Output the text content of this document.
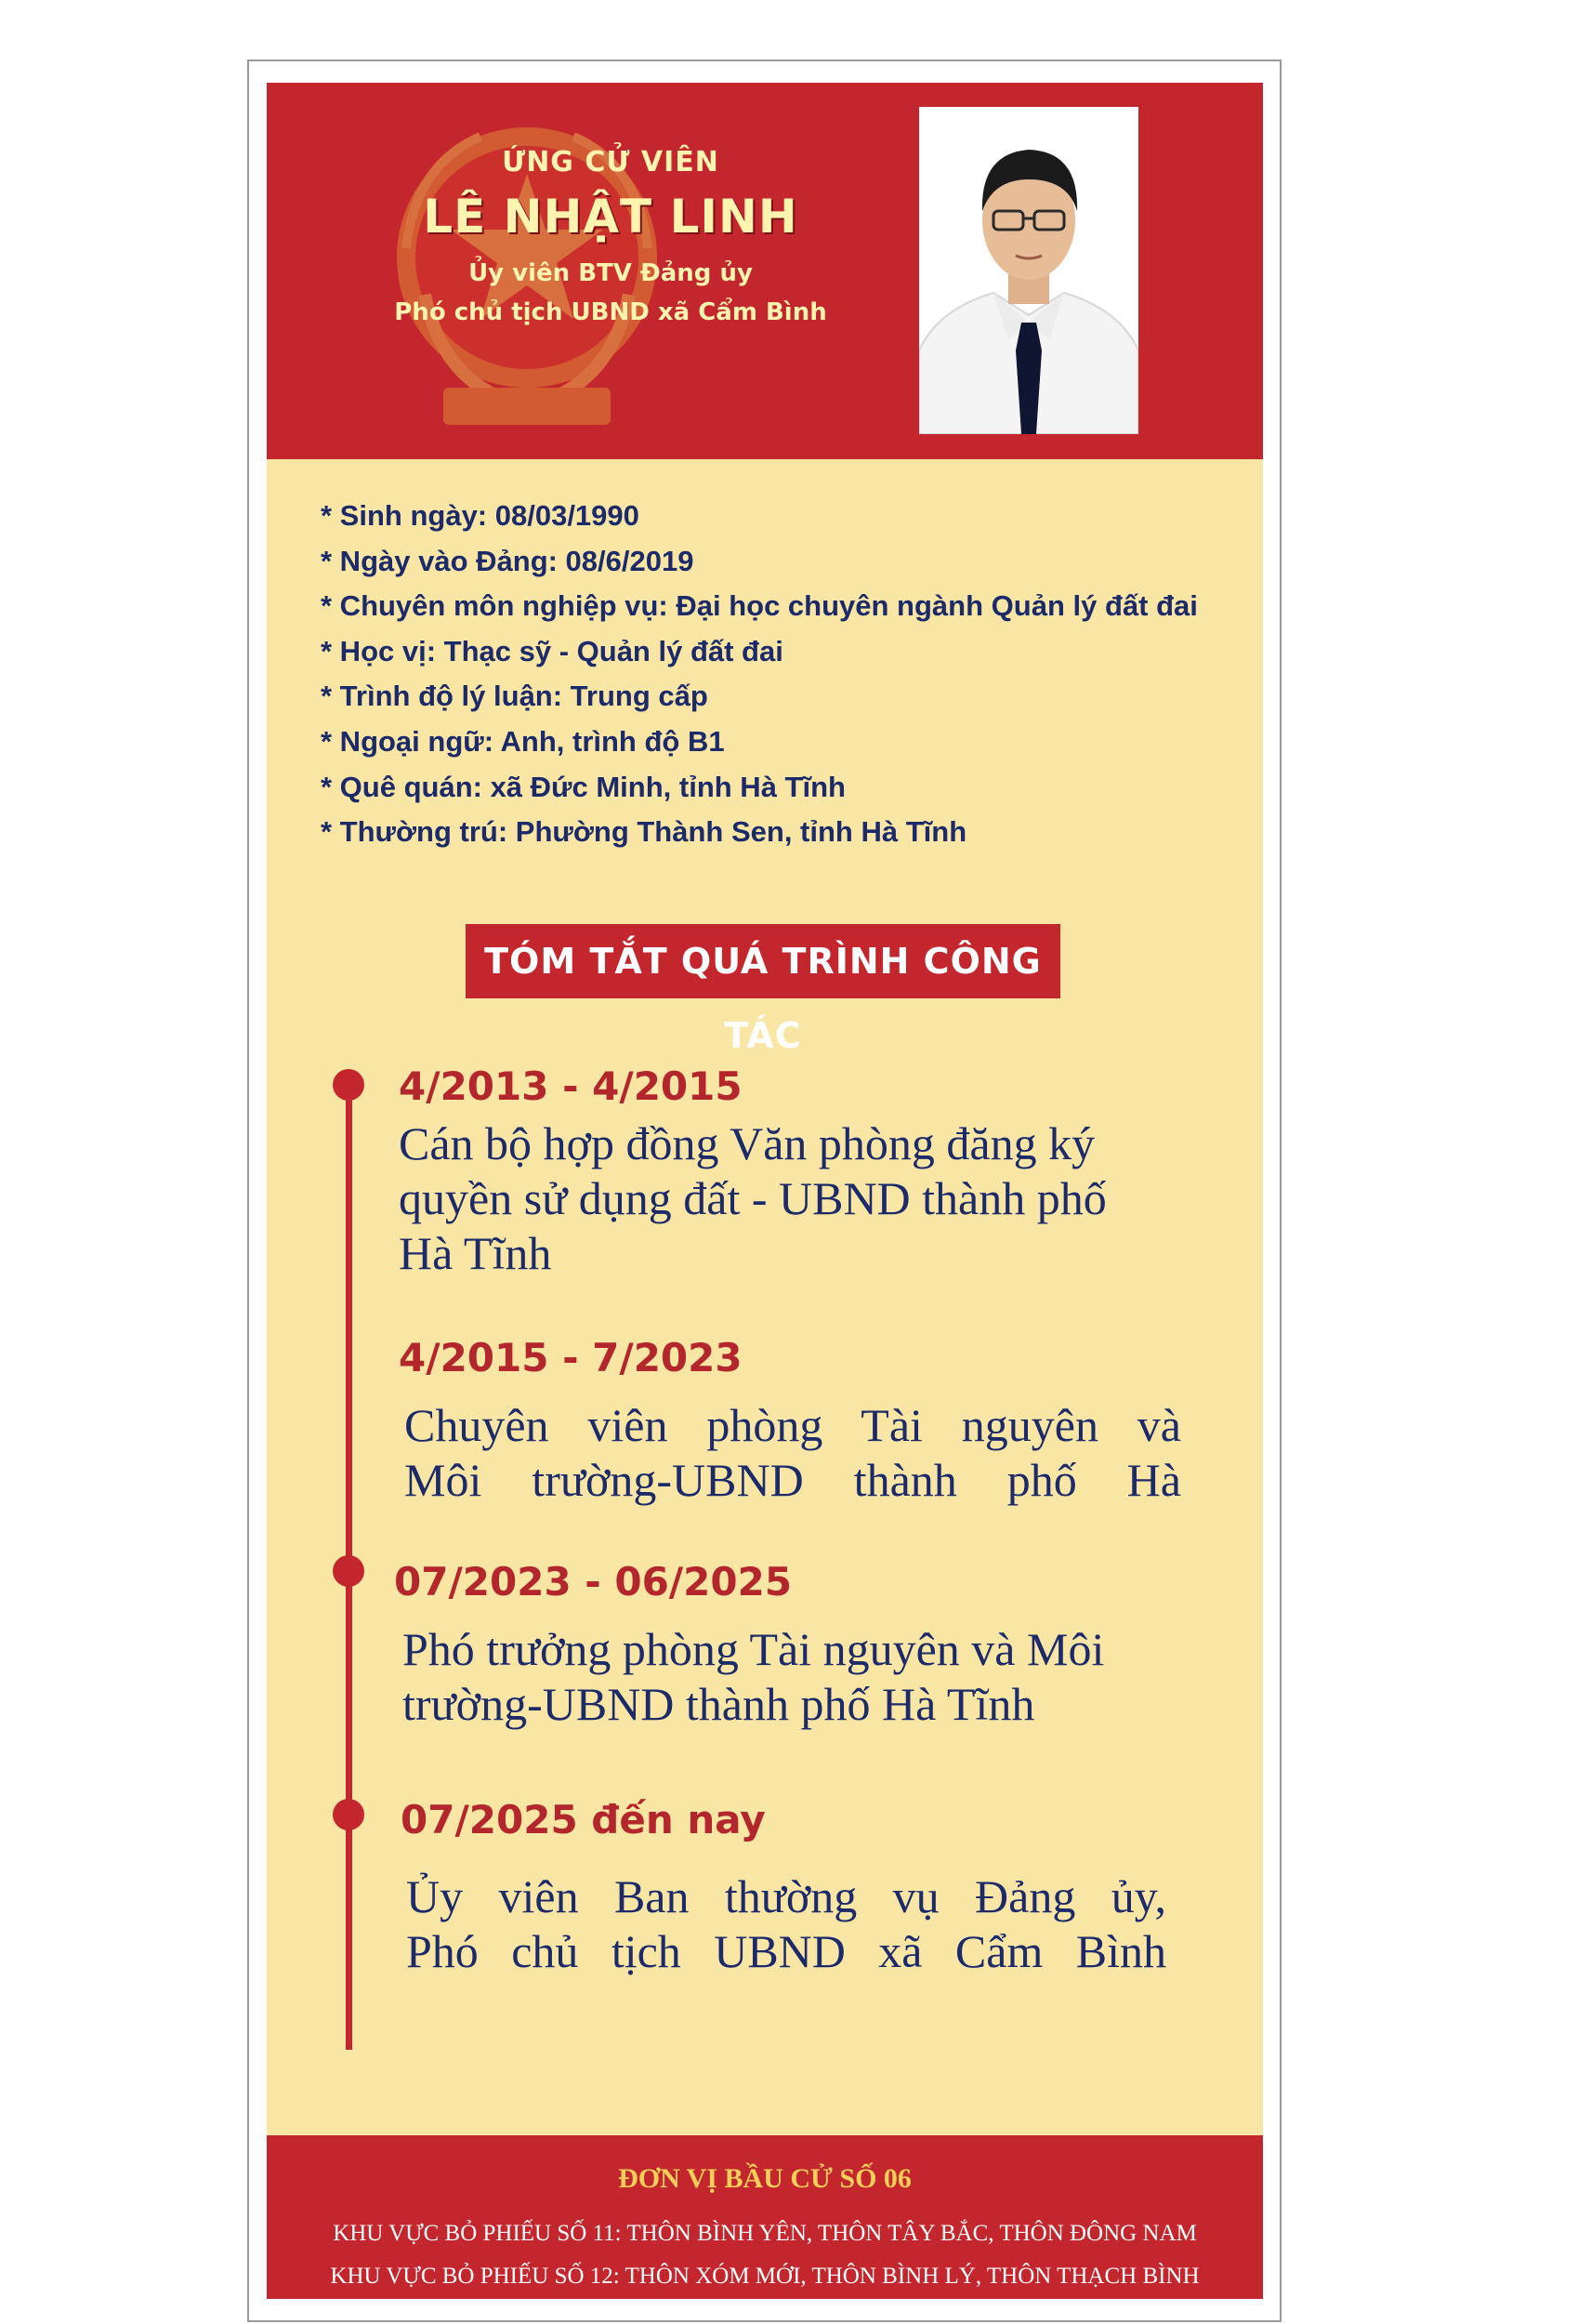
ỨNG CỬ VIÊN
LÊ NHẬT LINH
Ủy viên BTV Đảng ủy
Phó chủ tịch UBND xã Cẩm Bình
* Sinh ngày: 08/03/1990
* Ngày vào Đảng: 08/6/2019
* Chuyên môn nghiệp vụ: Đại học chuyên ngành Quản lý đất đai
* Học vị: Thạc sỹ - Quản lý đất đai
* Trình độ lý luận: Trung cấp
* Ngoại ngữ: Anh, trình độ B1
* Quê quán: xã Đức Minh, tỉnh Hà Tĩnh
* Thường trú: Phường Thành Sen, tỉnh Hà Tĩnh
TÓM TẮT QUÁ TRÌNH CÔNG TÁC
4/2013 - 4/2015
Cán bộ hợp đồng Văn phòng đăng ký
quyền sử dụng đất - UBND thành phố
Hà Tĩnh
4/2015 - 7/2023
Chuyên viên phòng Tài nguyên và
Môi trường-UBND thành phố Hà
07/2023 - 06/2025
Phó trưởng phòng Tài nguyên và Môi
trường-UBND thành phố Hà Tĩnh
07/2025 đến nay
Ủy viên Ban thường vụ Đảng ủy,
Phó chủ tịch UBND xã Cẩm Bình
ĐƠN VỊ BẦU CỬ SỐ 06
KHU VỰC BỎ PHIẾU SỐ 11: THÔN BÌNH YÊN, THÔN TÂY BẮC, THÔN ĐÔNG NAM
KHU VỰC BỎ PHIẾU SỐ 12: THÔN XÓM MỚI, THÔN BÌNH LÝ, THÔN THẠCH BÌNH
